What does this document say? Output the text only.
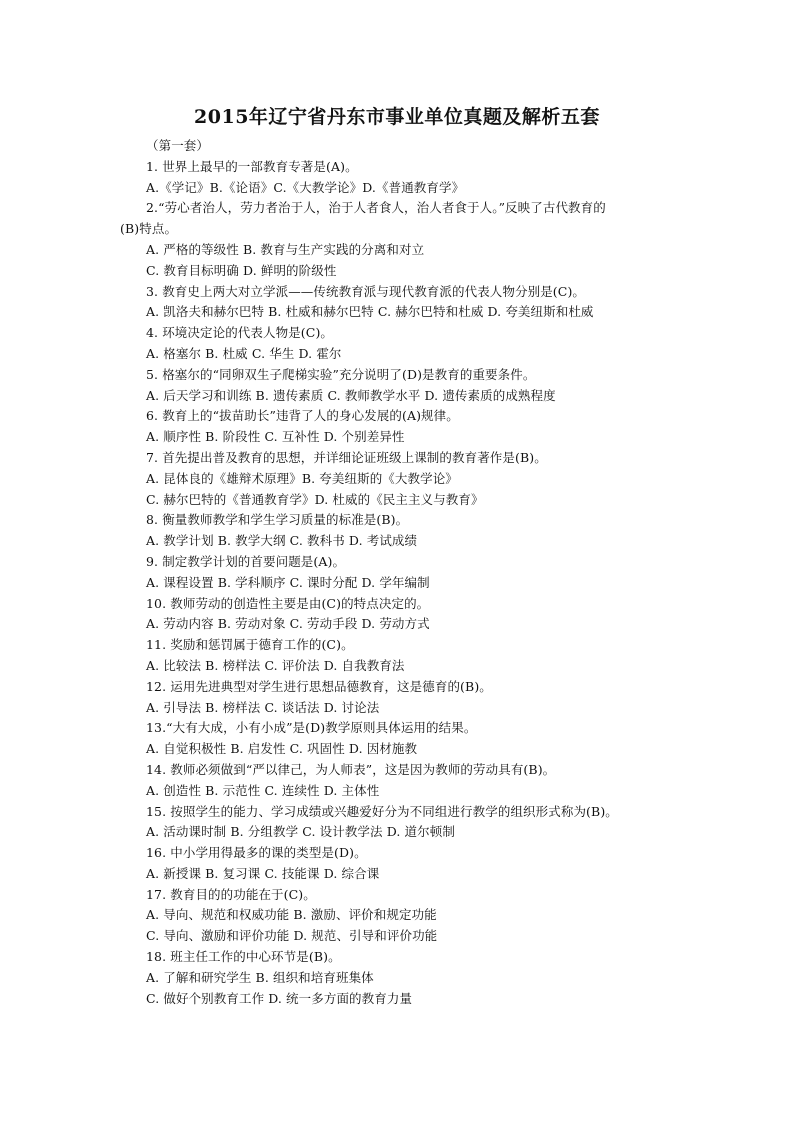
2015年辽宁省丹东市事业单位真题及解析五套
（第一套）
1. 世界上最早的一部教育专著是(A)。
A.《学记》B.《论语》C.《大教学论》D.《普通教育学》
2.“劳心者治人，劳力者治于人，治于人者食人，治人者食于人。”反映了古代教育的
(B)特点。
A. 严格的等级性 B. 教育与生产实践的分离和对立
C. 教育目标明确 D. 鲜明的阶级性
3. 教育史上两大对立学派——传统教育派与现代教育派的代表人物分别是(C)。
A. 凯洛夫和赫尔巴特 B. 杜威和赫尔巴特 C. 赫尔巴特和杜威 D. 夸美纽斯和杜威
4. 环境决定论的代表人物是(C)。
A. 格塞尔 B. 杜威 C. 华生 D. 霍尔
5. 格塞尔的“同卵双生子爬梯实验”充分说明了(D)是教育的重要条件。
A. 后天学习和训练 B. 遗传素质 C. 教师教学水平 D. 遗传素质的成熟程度
6. 教育上的“拔苗助长”违背了人的身心发展的(A)规律。
A. 顺序性 B. 阶段性 C. 互补性 D. 个别差异性
7. 首先提出普及教育的思想，并详细论证班级上课制的教育著作是(B)。
A. 昆体良的《雄辩术原理》B. 夸美纽斯的《大教学论》
C. 赫尔巴特的《普通教育学》D. 杜威的《民主主义与教育》
8. 衡量教师教学和学生学习质量的标准是(B)。
A. 教学计划 B. 教学大纲 C. 教科书 D. 考试成绩
9. 制定教学计划的首要问题是(A)。
A. 课程设置 B. 学科顺序 C. 课时分配 D. 学年编制
10. 教师劳动的创造性主要是由(C)的特点决定的。
A. 劳动内容 B. 劳动对象 C. 劳动手段 D. 劳动方式
11. 奖励和惩罚属于德育工作的(C)。
A. 比较法 B. 榜样法 C. 评价法 D. 自我教育法
12. 运用先进典型对学生进行思想品德教育，这是德育的(B)。
A. 引导法 B. 榜样法 C. 谈话法 D. 讨论法
13.“大有大成，小有小成”是(D)教学原则具体运用的结果。
A. 自觉积极性 B. 启发性 C. 巩固性 D. 因材施教
14. 教师必须做到“严以律己，为人师表”，这是因为教师的劳动具有(B)。
A. 创造性 B. 示范性 C. 连续性 D. 主体性
15. 按照学生的能力、学习成绩或兴趣爱好分为不同组进行教学的组织形式称为(B)。
A. 活动课时制 B. 分组教学 C. 设计教学法 D. 道尔顿制
16. 中小学用得最多的课的类型是(D)。
A. 新授课 B. 复习课 C. 技能课 D. 综合课
17. 教育目的的功能在于(C)。
A. 导向、规范和权威功能 B. 激励、评价和规定功能
C. 导向、激励和评价功能 D. 规范、引导和评价功能
18. 班主任工作的中心环节是(B)。
A. 了解和研究学生 B. 组织和培育班集体
C. 做好个别教育工作 D. 统一多方面的教育力量
